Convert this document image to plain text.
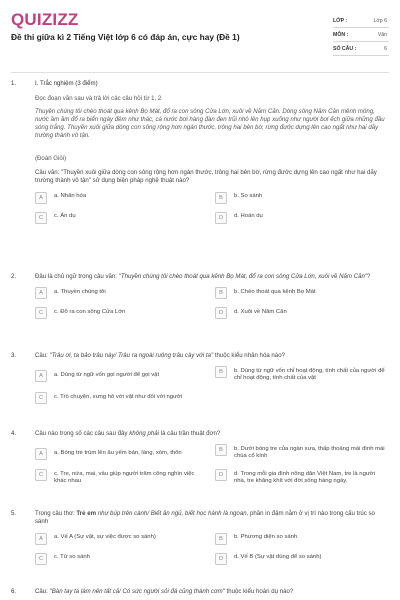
QUIZIZZ
Đề thi giữa kì 2 Tiếng Việt lớp 6 có đáp án, cực hay (Đề 1)
LỚP :	Lớp 6
MÔN :	Văn
SỐ CÂU :	6
1.	I. Trắc nghiệm (3 điểm)
Đọc đoạn văn sau và trả lời các câu hỏi từ 1, 2
Thuyền chúng tôi chèo thoát qua kênh Bọ Mát, đổ ra con sông Cửa Lớn, xuôi về Năm Căn. Dòng sông Năm Căn mênh mông, nước ầm ầm đổ ra biển ngày đêm như thác, cá nước bơi hàng đàn đen trũi nhô lên hụp xuống như người bơi ếch giữa những đầu sóng trắng. Thuyền xuôi giữa dòng con sông rộng hơn ngàn thước, trông hai bên bờ, rừng đước dựng lên cao ngất như hai dãy trường thành vô tận.
(Đoàn Giỏi)
Câu văn: "Thuyền xuôi giữa dòng con sông rộng hơn ngàn thước, trông hai bên bờ, rừng đước dựng lên cao ngất như hai dãy trường thành vô tận" sử dụng biện pháp nghệ thuật nào?
A	a. Nhân hóa	B	b. So sánh
C	c. Ẩn dụ	D	d. Hoán dụ
2.	Đâu là chủ ngữ trong câu văn: "Thuyền chúng tôi chèo thoát qua kênh Bọ Mát, đổ ra con sông Cửa Lớn, xuôi về Năm Căn"?
A	a. Thuyền chúng tôi	B	b. Chèo thoát qua kênh Bọ Mát
C	c. Đổ ra con sông Cửa Lớn	D	d. Xuôi về Năm Căn
3.	Câu: "Trâu ơi, ta bảo trâu này/ Trâu ra ngoài ruộng trâu cày với ta" thuộc kiểu nhân hóa nào?
A	a. Dùng từ ngữ vốn gọi người để gọi vật	B	b. Dùng từ ngữ vốn chỉ hoạt động, tính chất của người để chỉ hoạt động, tính chất của vật
C	c. Trò chuyện, xưng hô với vật như đối với người
4.	Câu nào trong số các câu sau đây không phải là câu trần thuật đơn?
A	a. Bóng tre trùm lên âu yếm bản, làng, xóm, thôn	B	b. Dưới bóng tre của ngàn xưa, thấp thoáng mái đình mái chùa cổ kính
C	c. Tre, nứa, mai, vầu giúp người trăm công nghìn việc khác nhau
D	d. Trong mỗi gia đình nông dân Việt Nam, tre là người nhà, tre khăng khít với đời sống hàng ngày.
5.	Trong câu thơ: Trẻ em như búp trên cành/ Biết ăn ngủ, biết học hành là ngoan, phần in đậm nằm ở vị trí nào trong cấu trúc so sánh
A	a. Vế A (Sự vật, sự việc được so sánh)	B	b. Phương diện so sánh
C	c. Từ so sánh	D	d. Vế B (Sự vật dùng để so sánh)
6.	Câu: "Bàn tay ta làm nên tất cả/ Có sức người sỏi đá cũng thành cơm" thuộc kiểu hoán dụ nào?
